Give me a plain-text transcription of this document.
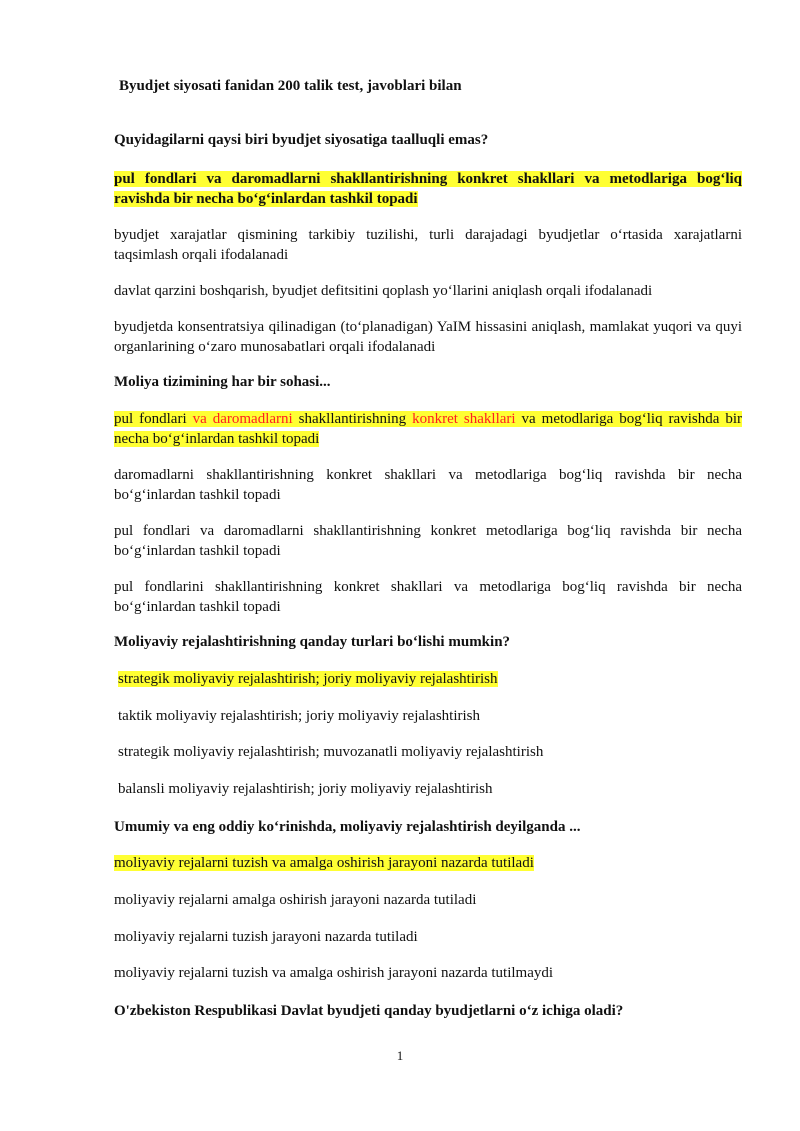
Byudjet siyosati fanidan 200 talik test, javoblari bilan
Quyidagilarni qaysi biri byudjet siyosatiga taalluqli emas?
pul fondlari va daromadlarni shakllantirishning konkret shakllari va metodlariga bog‘liq ravishda bir necha bo‘g‘inlardan tashkil topadi
byudjet xarajatlar qismining tarkibiy tuzilishi, turli darajadagi byudjetlar o‘rtasida xarajatlarni taqsimlash orqali ifodalanadi
davlat qarzini boshqarish, byudjet defitsitini qoplash yo‘llarini aniqlash orqali ifodalanadi
byudjetda konsentratsiya qilinadigan (to‘planadigan) YaIM hissasini aniqlash, mamlakat yuqori va quyi organlarining o‘zaro munosabatlari orqali ifodalanadi
Moliya tizimining har bir sohasi...
pul fondlari va daromadlarni shakllantirishning konkret shakllari va metodlariga bog‘liq ravishda bir necha bo‘g‘inlardan tashkil topadi
daromadlarni shakllantirishning konkret shakllari va metodlariga bog‘liq ravishda bir necha bo‘g‘inlardan tashkil topadi
pul fondlari va daromadlarni shakllantirishning konkret metodlariga bog‘liq ravishda bir necha bo‘g‘inlardan tashkil topadi
pul fondlarini shakllantirishning konkret shakllari va metodlariga bog‘liq ravishda bir necha bo‘g‘inlardan tashkil topadi
Moliyaviy rejalashtirishning qanday turlari bo‘lishi mumkin?
strategik moliyaviy rejalashtirish; joriy moliyaviy rejalashtirish
taktik moliyaviy rejalashtirish; joriy moliyaviy rejalashtirish
strategik moliyaviy rejalashtirish; muvozanatli moliyaviy rejalashtirish
balansli moliyaviy rejalashtirish; joriy moliyaviy rejalashtirish
Umumiy va eng oddiy ko‘rinishda, moliyaviy rejalashtirish deyilganda ...
moliyaviy rejalarni tuzish va amalga oshirish jarayoni nazarda tutiladi
moliyaviy rejalarni amalga oshirish jarayoni nazarda tutiladi
moliyaviy rejalarni tuzish jarayoni nazarda tutiladi
moliyaviy rejalarni tuzish va amalga oshirish jarayoni nazarda tutilmaydi
O'zbekiston Respublikasi Davlat byudjeti qanday byudjetlarni o‘z ichiga oladi?
1
